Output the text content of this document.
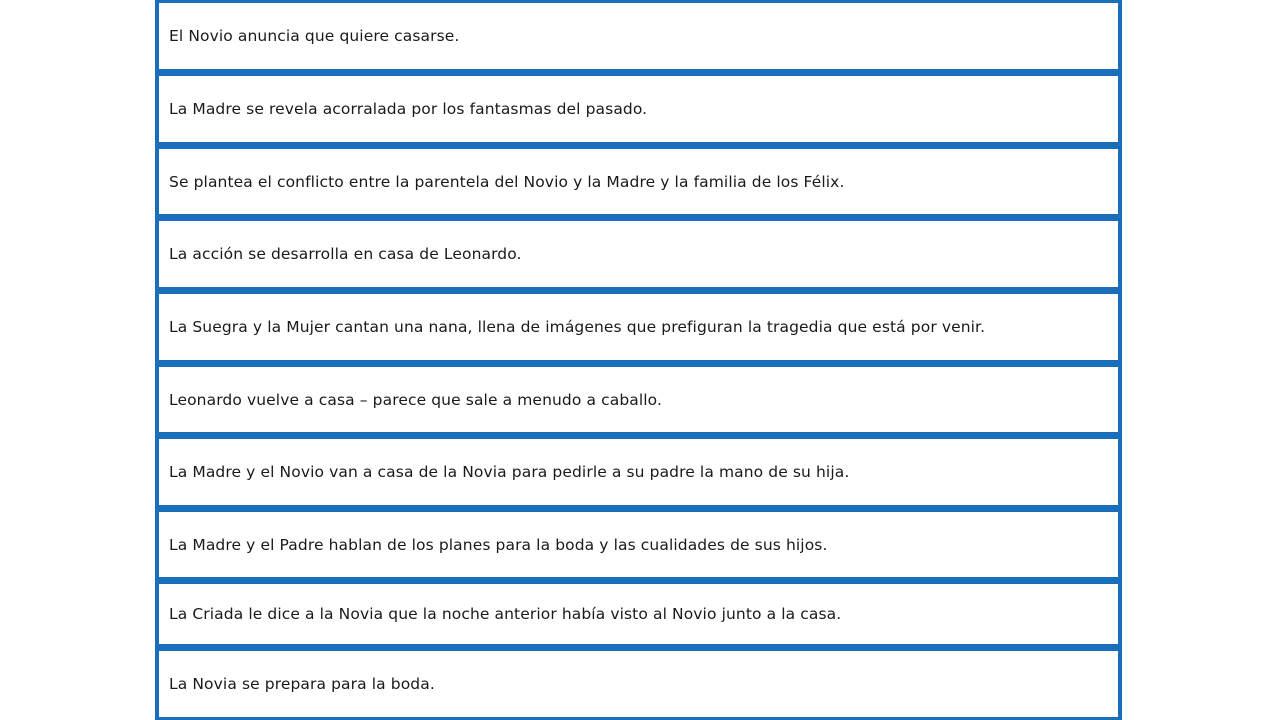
El Novio anuncia que quiere casarse.
La Madre se revela acorralada por los fantasmas del pasado.
Se plantea el conflicto entre la parentela del Novio y la Madre y la familia de los Félix.
La acción se desarrolla en casa de Leonardo.
La Suegra y la Mujer cantan una nana, llena de imágenes que prefiguran la tragedia que está por venir.
Leonardo vuelve a casa – parece que sale a menudo a caballo.
La Madre y el Novio van a casa de la Novia para pedirle a su padre la mano de su hija.
La Madre y el Padre hablan de los planes para la boda y las cualidades de sus hijos.
La Criada le dice a la Novia que la noche anterior había visto al Novio junto a la casa.
La Novia se prepara para la boda.
